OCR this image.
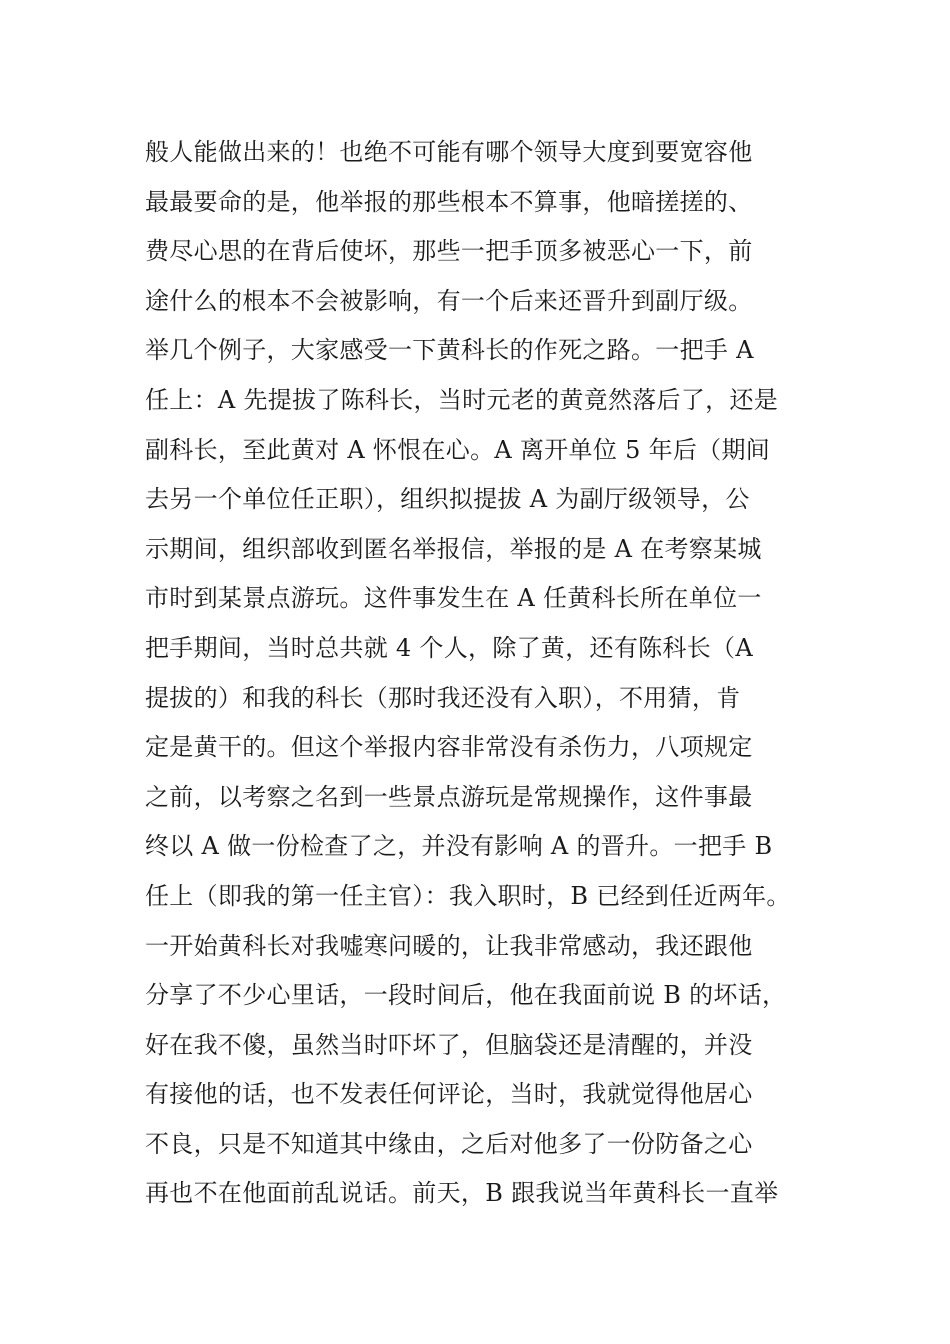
般人能做出来的！也绝不可能有哪个领导大度到要宽容他
最最要命的是，他举报的那些根本不算事，他暗搓搓的、
费尽心思的在背后使坏，那些一把手顶多被恶心一下，前
途什么的根本不会被影响，有一个后来还晋升到副厅级。
举几个例子，大家感受一下黄科长的作死之路。一把手 A
任上：A 先提拔了陈科长，当时元老的黄竟然落后了，还是
副科长，至此黄对 A 怀恨在心。A 离开单位 5 年后（期间
去另一个单位任正职），组织拟提拔 A 为副厅级领导，公
示期间，组织部收到匿名举报信，举报的是 A 在考察某城
市时到某景点游玩。这件事发生在 A 任黄科长所在单位一
把手期间，当时总共就 4 个人，除了黄，还有陈科长（A
提拔的）和我的科长（那时我还没有入职），不用猜，肯
定是黄干的。但这个举报内容非常没有杀伤力，八项规定
之前，以考察之名到一些景点游玩是常规操作，这件事最
终以 A 做一份检查了之，并没有影响 A 的晋升。一把手 B
任上（即我的第一任主官）：我入职时，B 已经到任近两年。
一开始黄科长对我嘘寒问暖的，让我非常感动，我还跟他
分享了不少心里话，一段时间后，他在我面前说 B 的坏话，
好在我不傻，虽然当时吓坏了，但脑袋还是清醒的，并没
有接他的话，也不发表任何评论，当时，我就觉得他居心
不良，只是不知道其中缘由，之后对他多了一份防备之心
再也不在他面前乱说话。前天，B 跟我说当年黄科长一直举
